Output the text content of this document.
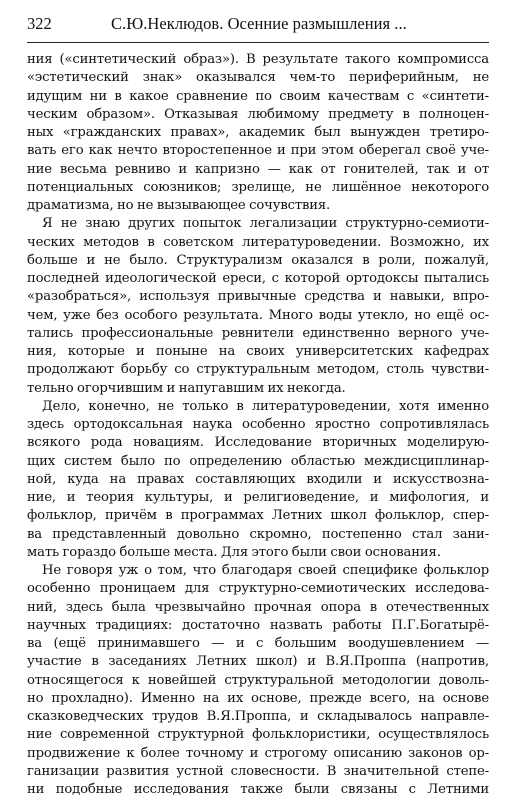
322	С.Ю.Неклюдов. Осенние размышления ...

ния («синтетический образ»). В результате такого компромисса
«эстетический знак» оказывался чем-то периферийным, не
идущим ни в какое сравнение по своим качествам с «синтети-
ческим образом». Отказывая любимому предмету в полноцен-
ных «гражданских правах», академик был вынужден третиро-
вать его как нечто второстепенное и при этом оберегал своё уче-
ние весьма ревниво и капризно — как от гонителей, так и от
потенциальных союзников; зрелище, не лишённое некоторого
драматизма, но не вызывающее сочувствия.

Я не знаю других попыток легализации структурно-семиоти-
ческих методов в советском литературоведении. Возможно, их
больше и не было. Структурализм оказался в роли, пожалуй,
последней идеологической ереси, с которой ортодоксы пытались
«разобраться», используя привычные средства и навыки, впро-
чем, уже без особого результата. Много воды утекло, но ещё ос-
тались профессиональные ревнители единственно верного уче-
ния, которые и поныне на своих университетских кафедрах
продолжают борьбу со структуральным методом, столь чувстви-
тельно огорчившим и напугавшим их некогда.

Дело, конечно, не только в литературоведении, хотя именно
здесь ортодоксальная наука особенно яростно сопротивлялась
всякого рода новациям. Исследование вторичных моделирую-
щих систем было по определению областью междисциплинар-
ной, куда на правах составляющих входили и искусствозна-
ние, и теория культуры, и религиоведение, и мифология, и
фольклор, причём в программах Летних школ фольклор, спер-
ва представленный довольно скромно, постепенно стал зани-
мать гораздо больше места. Для этого были свои основания.

Не говоря уж о том, что благодаря своей специфике фольклор
особенно проницаем для структурно-семиотических исследова-
ний, здесь была чрезвычайно прочная опора в отечественных
научных традициях: достаточно назвать работы П.Г.Богатырё-
ва (ещё принимавшего — и с большим воодушевлением —
участие в заседаниях Летних школ) и В.Я.Проппа (напротив,
относящегося к новейшей структуральной методологии доволь-
но прохладно). Именно на их основе, прежде всего, на основе
сказковедческих трудов В.Я.Проппа, и складывалось направле-
ние современной структурной фольклористики, осуществлялось
продвижение к более точному и строгому описанию законов ор-
ганизации развития устной словесности. В значительной степе-
ни подобные исследования также были связаны с Летними
